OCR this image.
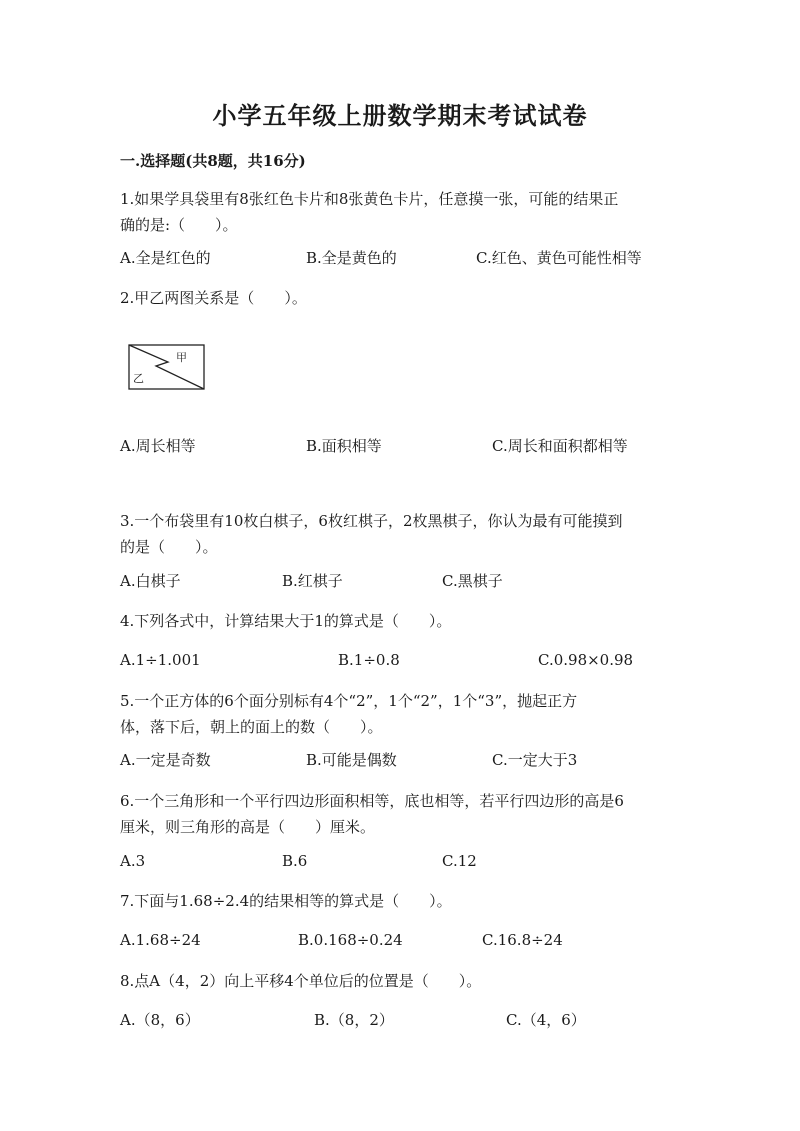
小学五年级上册数学期末考试试卷
一.选择题(共8题，共16分)
1.如果学具袋里有8张红色卡片和8张黄色卡片，任意摸一张，可能的结果正
确的是:（　　）。
A.全是红色的	B.全是黄色的	C.红色、黄色可能性相等
2.甲乙两图关系是（　　）。
甲
乙
A.周长相等	B.面积相等	C.周长和面积都相等
3.一个布袋里有10枚白棋子，6枚红棋子，2枚黑棋子，你认为最有可能摸到
的是（　　）。
A.白棋子	B.红棋子	C.黑棋子
4.下列各式中，计算结果大于1的算式是（　　）。
A.1÷1.001	B.1÷0.8	C.0.98×0.98
5.一个正方体的6个面分别标有4个“2”，1个“2”，1个“3”，抛起正方
体，落下后，朝上的面上的数（　　）。
A.一定是奇数	B.可能是偶数	C.一定大于3
6.一个三角形和一个平行四边形面积相等，底也相等，若平行四边形的高是6
厘米，则三角形的高是（　　）厘米。
A.3	B.6	C.12
7.下面与1.68÷2.4的结果相等的算式是（　　）。
A.1.68÷24	B.0.168÷0.24	C.16.8÷24
8.点A（4，2）向上平移4个单位后的位置是（　　）。
A.（8，6）	B.（8，2）	C.（4，6）
